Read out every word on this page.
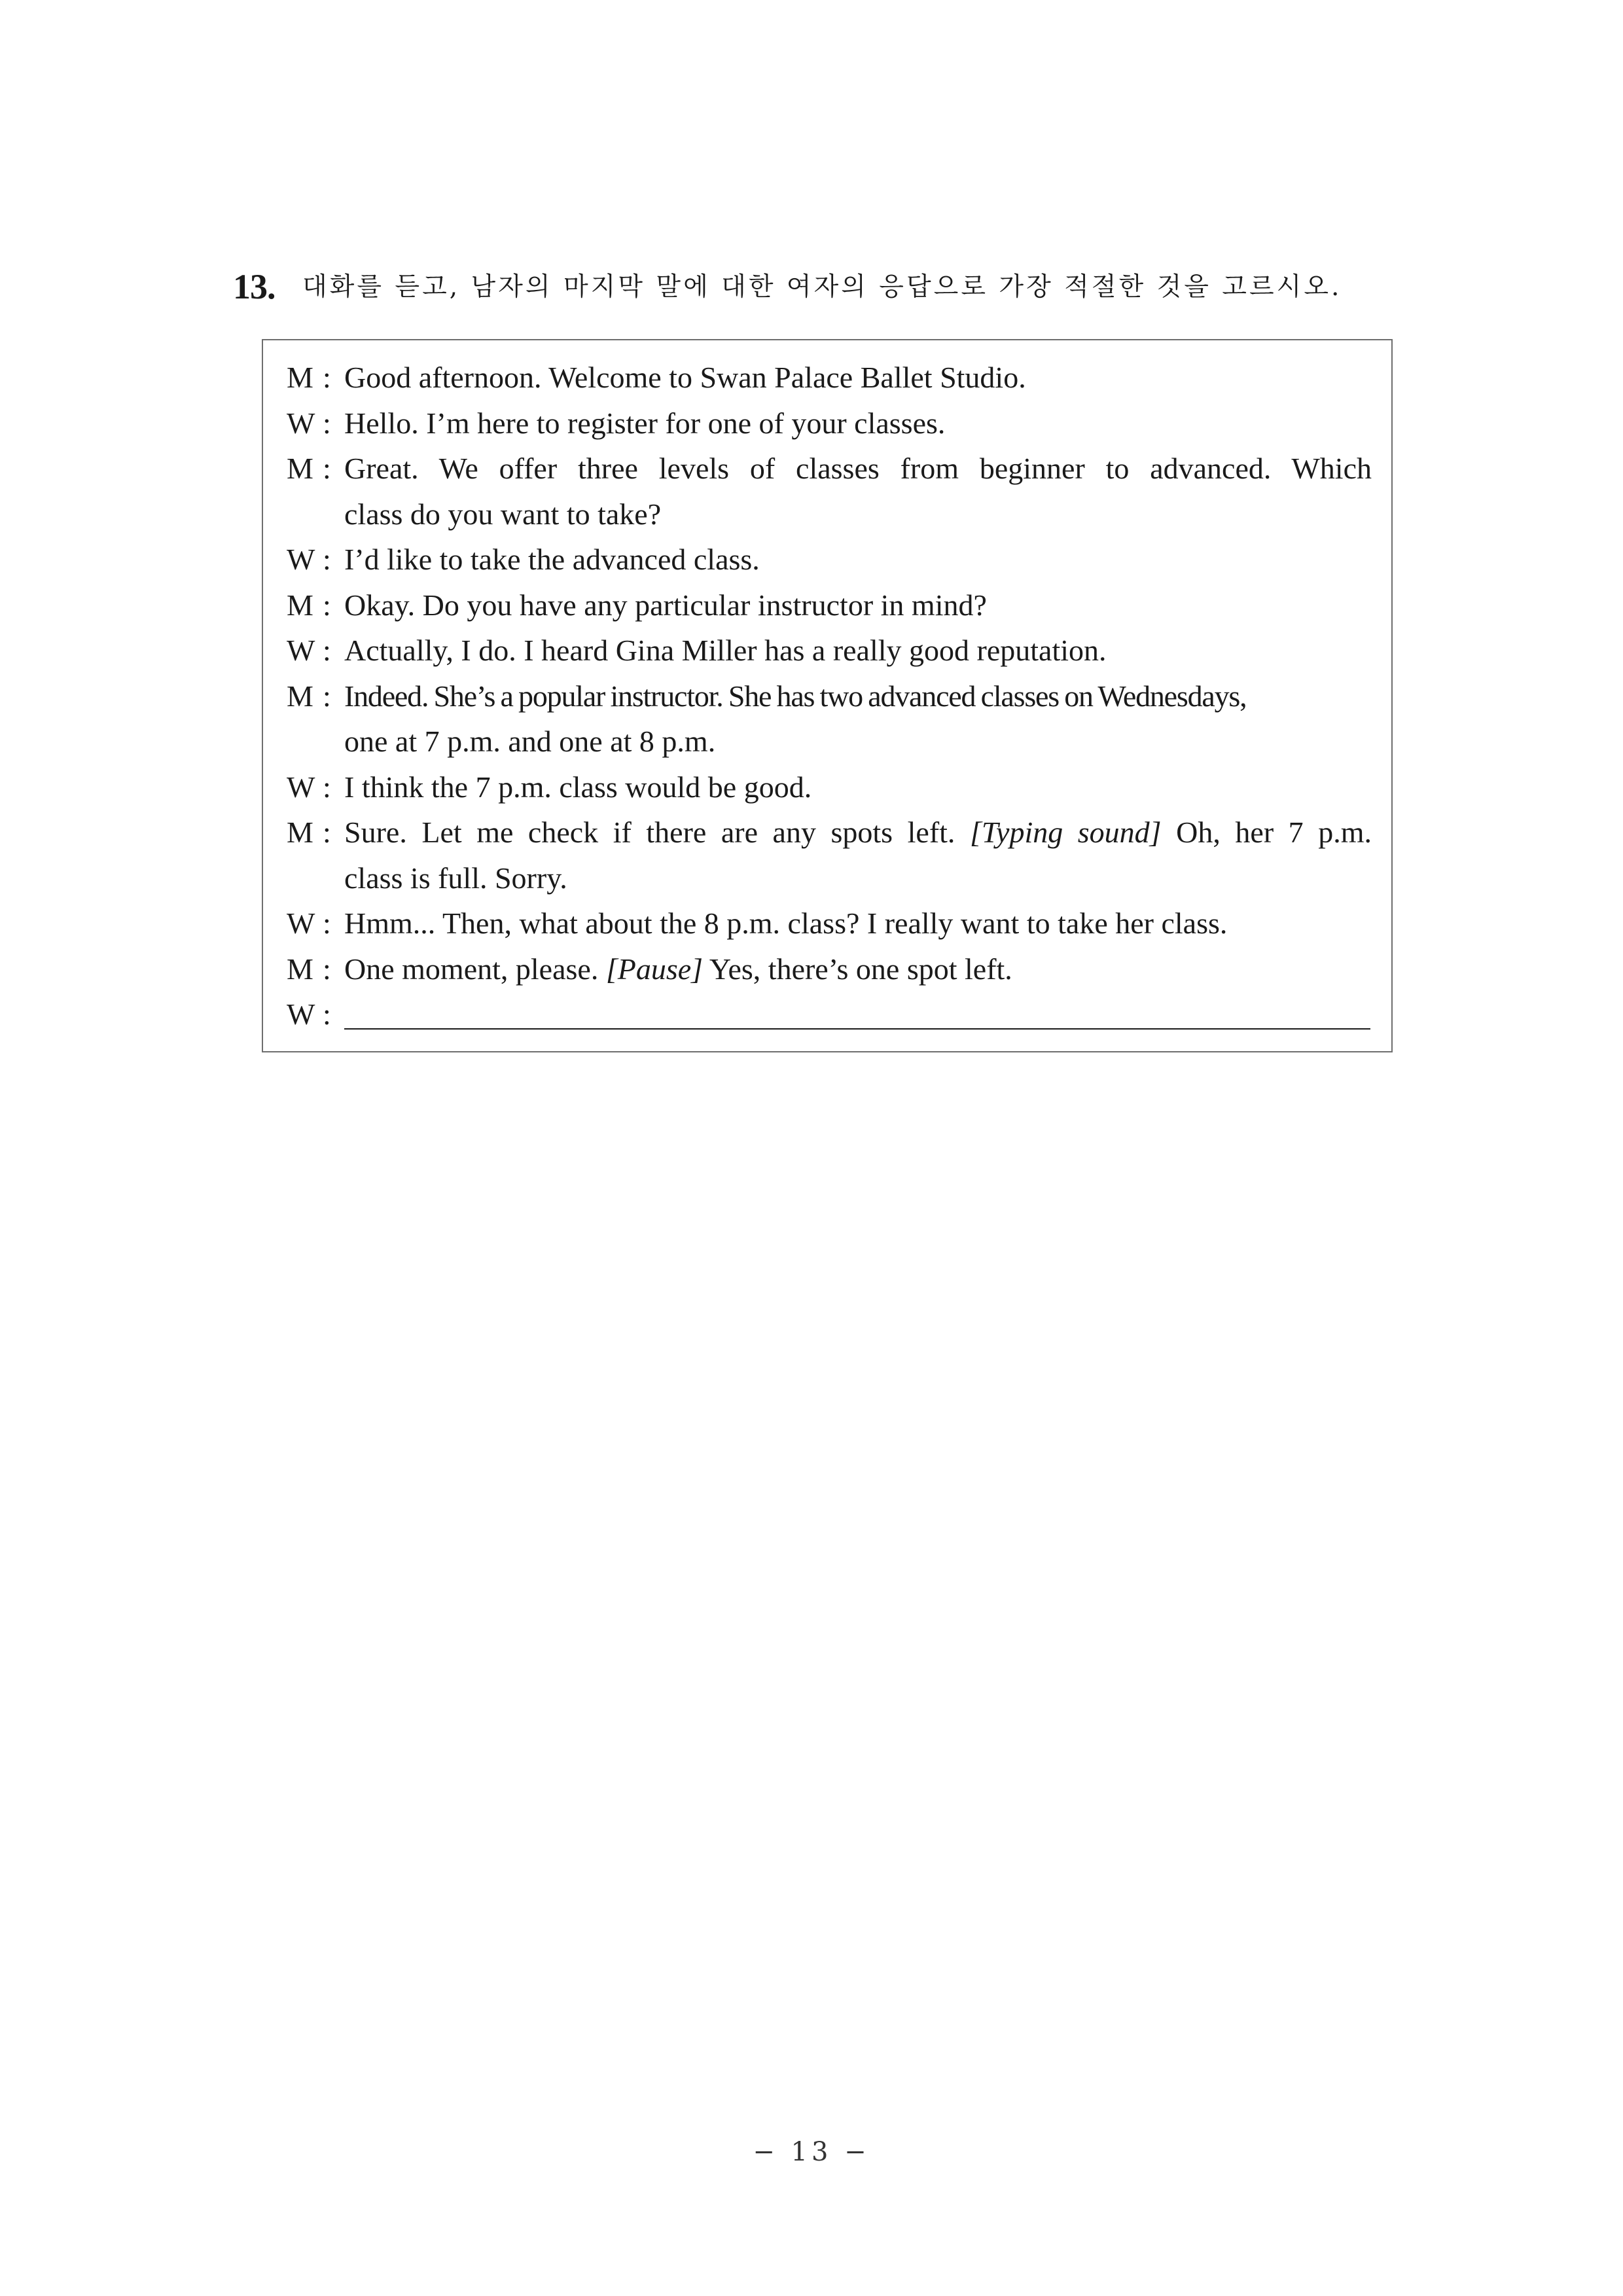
13. 대화를 듣고, 남자의 마지막 말에 대한 여자의 응답으로 가장 적절한 것을 고르시오.
M : Good afternoon. Welcome to Swan Palace Ballet Studio.
W : Hello. I’m here to register for one of your classes.
M : Great. We offer three levels of classes from beginner to advanced. Which
class do you want to take?
W : I’d like to take the advanced class.
M : Okay. Do you have any particular instructor in mind?
W : Actually, I do. I heard Gina Miller has a really good reputation.
M : Indeed. She’s a popular instructor. She has two advanced classes on Wednesdays,
one at 7 p.m. and one at 8 p.m.
W : I think the 7 p.m. class would be good.
M : Sure. Let me check if there are any spots left. [Typing sound] Oh, her 7 p.m.
class is full. Sorry.
W : Hmm... Then, what about the 8 p.m. class? I really want to take her class.
M : One moment, please. [Pause] Yes, there’s one spot left.
W :
− 13 −
